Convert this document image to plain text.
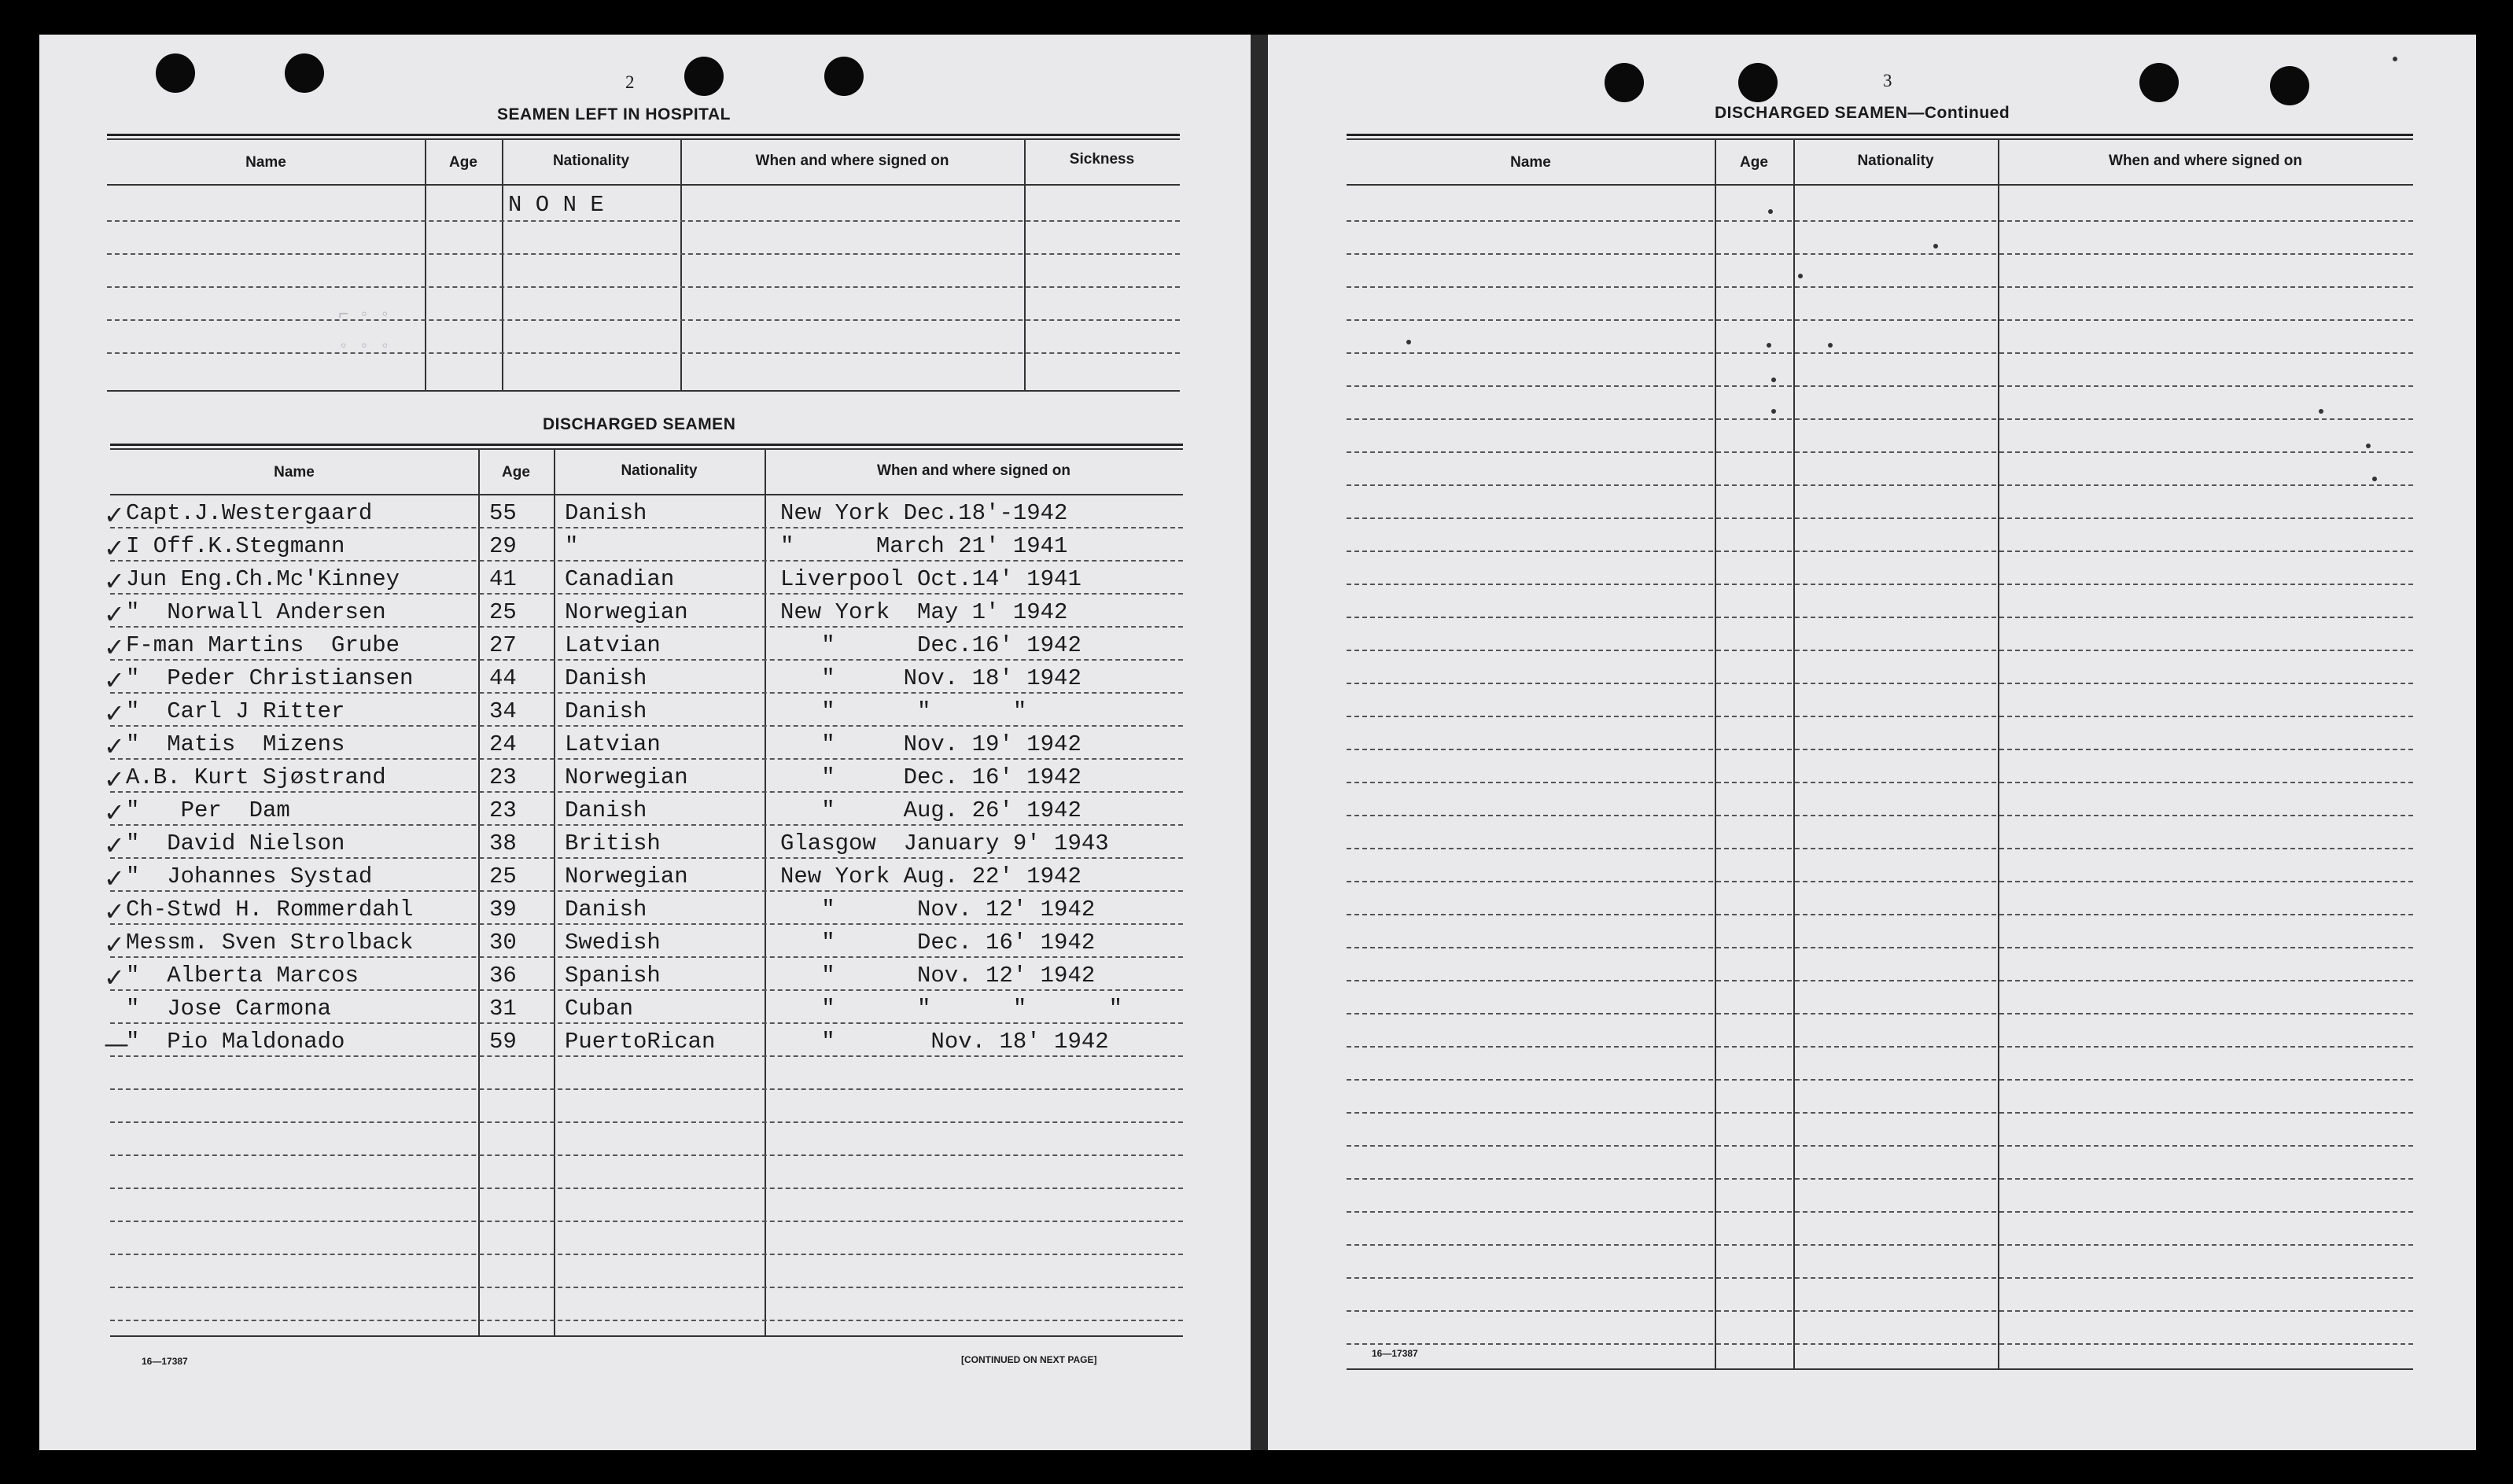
2
SEAMEN LEFT IN HOSPITAL
Name	Age	Nationality	When and where signed on	Sickness
N O N E
⌐ ◦ ◦
◦ ◦ ◦
DISCHARGED SEAMEN
Name	Age	Nationality	When and where signed on
✓ Capt.J.Westergaard	55 Danish	New York Dec.18'-1942
✓ I Off.K.Stegmann	29 "	"      March 21' 1941
✓ Jun Eng.Ch.Mc'Kinney	41 Canadian	Liverpool Oct.14' 1941
✓ "  Norwall Andersen	25 Norwegian	New York  May 1' 1942
✓ F-man Martins  Grube	27 Latvian	"      Dec.16' 1942
✓ "  Peder Christiansen	44 Danish	"     Nov. 18' 1942
✓ "  Carl J Ritter	34 Danish	"      "      "
✓ "  Matis  Mizens	24 Latvian	"     Nov. 19' 1942
✓ A.B. Kurt Sjøstrand	23 Norwegian	"     Dec. 16' 1942
✓ "   Per  Dam	23 Danish	"     Aug. 26' 1942
✓ "  David Nielson	38 British	Glasgow  January 9' 1943
✓ "  Johannes Systad	25 Norwegian	New York Aug. 22' 1942
✓ Ch-Stwd H. Rommerdahl	39 Danish	"      Nov. 12' 1942
✓ Messm. Sven Strolback	30 Swedish	"      Dec. 16' 1942
✓ "  Alberta Marcos	36 Spanish	"      Nov. 12' 1942
"  Jose Carmona	31 Cuban	"      "      "      "
—
"  Pio Maldonado	59 PuertoRican	"       Nov. 18' 1942
16—17387	[CONTINUED ON NEXT PAGE]
3
DISCHARGED SEAMEN—Continued
Name	Age	Nationality	When and where signed on
16—17387
